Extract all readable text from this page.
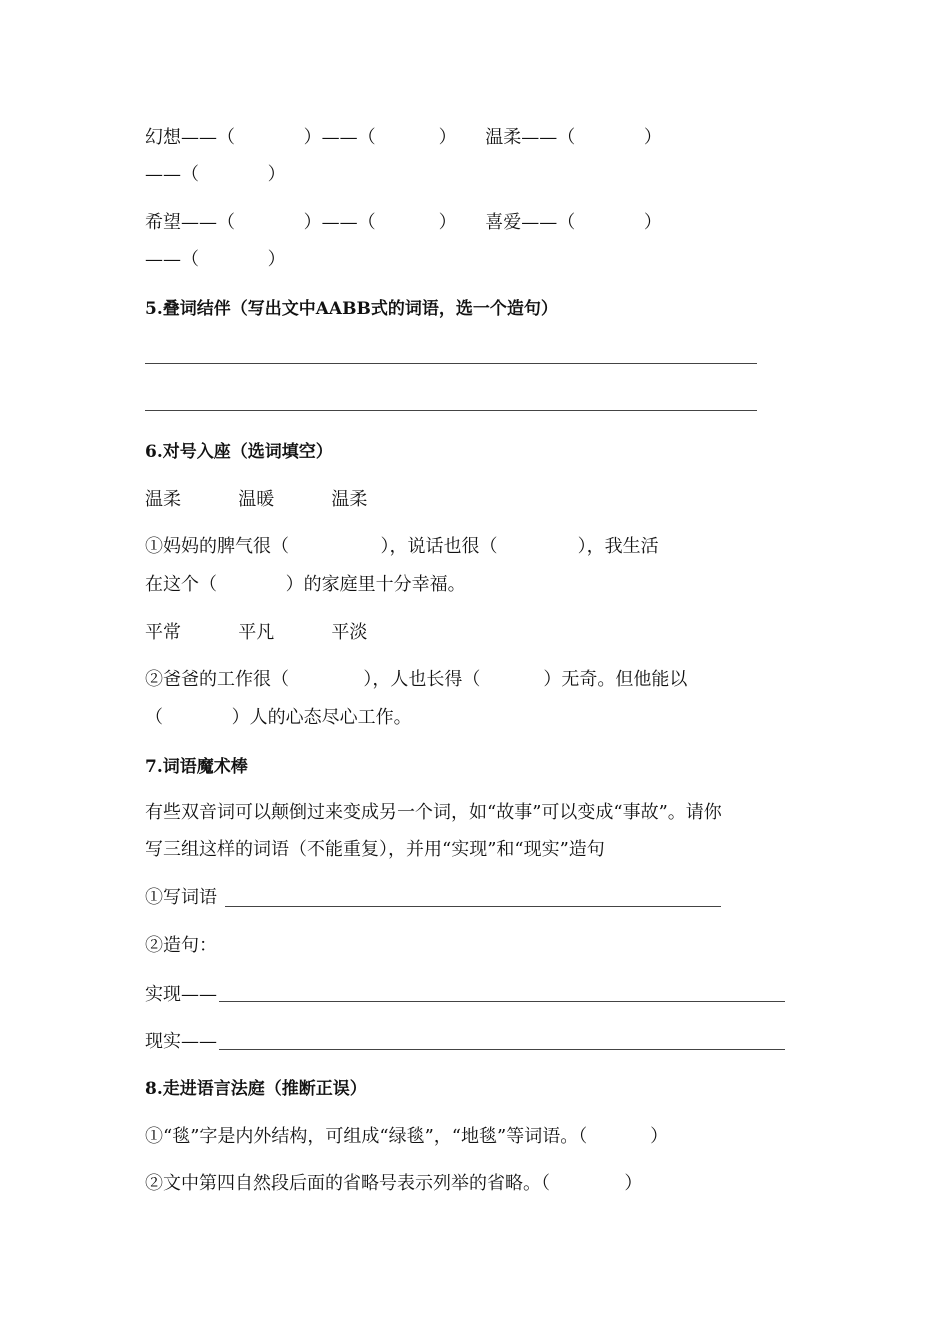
幻想——（            ）——（           ）     温柔——（            ）
——（            ）
希望——（            ）——（           ）     喜爱——（            ）
——（            ）
5.叠词结伴（写出文中AABB式的词语，选一个造句）
6.对号入座（选词填空）
温柔          温暖          温柔
①妈妈的脾气很（                ），说话也很（              ），我生活
在这个（            ）的家庭里十分幸福。
平常          平凡          平淡
②爸爸的工作很（             ），人也长得（           ）无奇。但他能以
（            ）人的心态尽心工作。
7.词语魔术棒
有些双音词可以颠倒过来变成另一个词，如“故事”可以变成“事故”。请你
写三组这样的词语（不能重复），并用“实现”和“现实”造句
①写词语
②造句：
实现——
现实——
8.走进语言法庭（推断正误）
①“毯”字是内外结构，可组成“绿毯”，“地毯”等词语。（           ）
②文中第四自然段后面的省略号表示列举的省略。（             ）
